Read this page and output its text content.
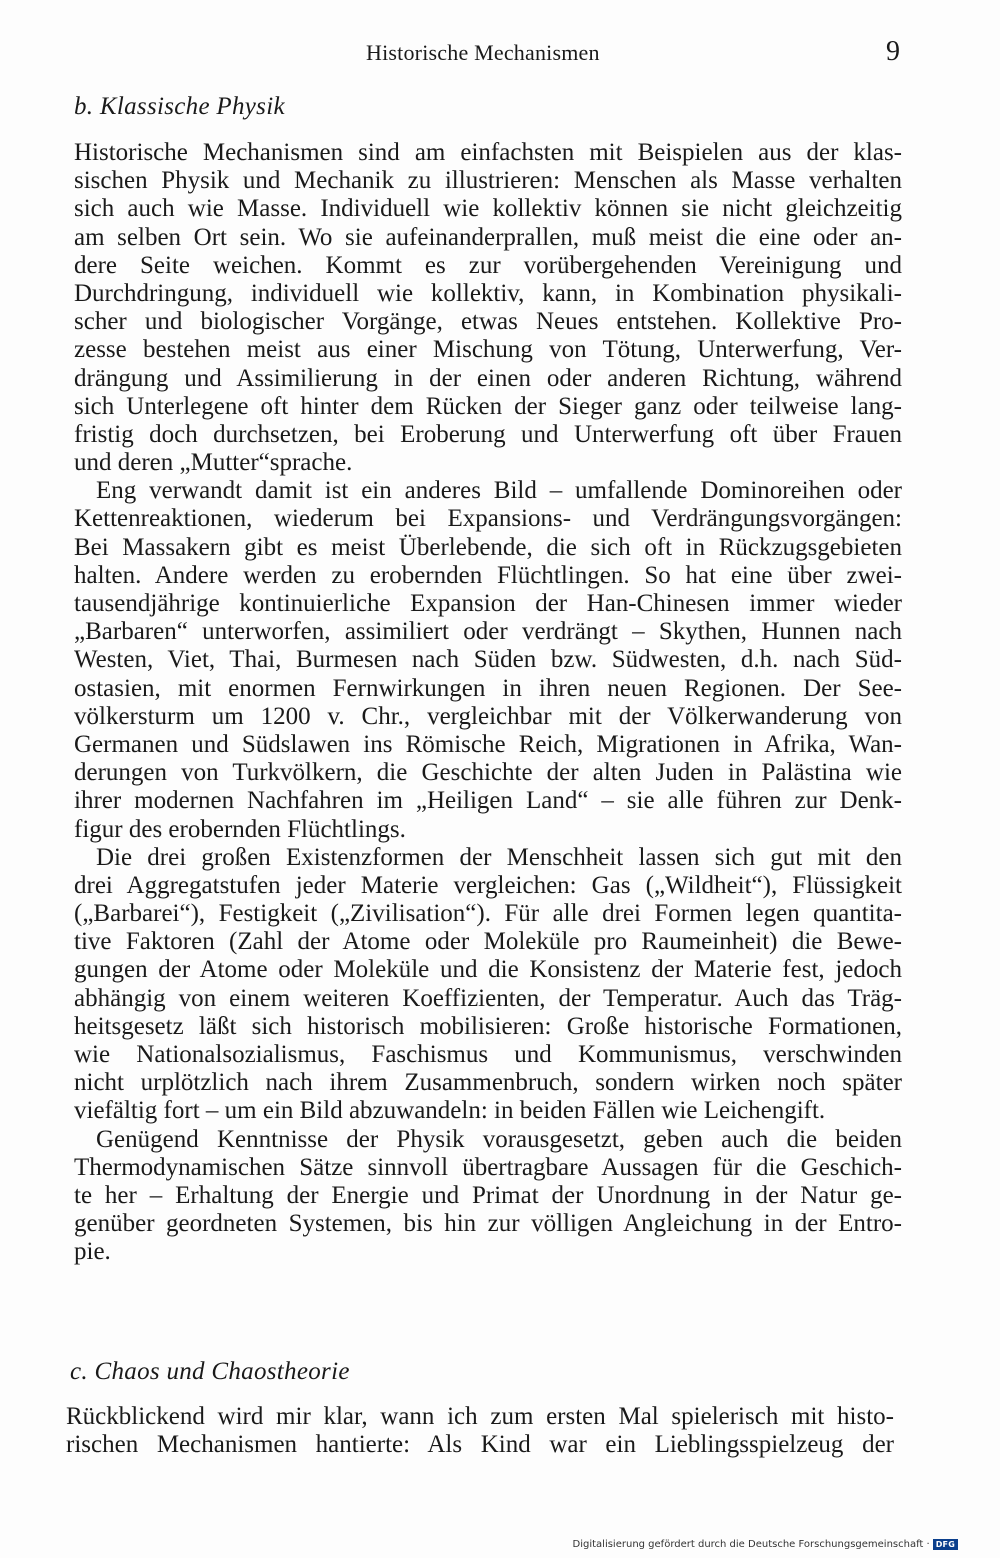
Historische Mechanismen	9
b. Klassische Physik
Historische Mechanismen sind am einfachsten mit Beispielen aus der klas-
sischen Physik und Mechanik zu illustrieren: Menschen als Masse verhalten
sich auch wie Masse. Individuell wie kollektiv können sie nicht gleichzeitig
am selben Ort sein. Wo sie aufeinanderprallen, muß meist die eine oder an-
dere Seite weichen. Kommt es zur vorübergehenden Vereinigung und
Durchdringung, individuell wie kollektiv, kann, in Kombination physikali-
scher und biologischer Vorgänge, etwas Neues entstehen. Kollektive Pro-
zesse bestehen meist aus einer Mischung von Tötung, Unterwerfung, Ver-
drängung und Assimilierung in der einen oder anderen Richtung, während
sich Unterlegene oft hinter dem Rücken der Sieger ganz oder teilweise lang-
fristig doch durchsetzen, bei Eroberung und Unterwerfung oft über Frauen
und deren „Mutter“sprache.
Eng verwandt damit ist ein anderes Bild – umfallende Dominoreihen oder
Kettenreaktionen, wiederum bei Expansions- und Verdrängungsvorgängen:
Bei Massakern gibt es meist Überlebende, die sich oft in Rückzugsgebieten
halten. Andere werden zu erobernden Flüchtlingen. So hat eine über zwei-
tausendjährige kontinuierliche Expansion der Han-Chinesen immer wieder
„Barbaren“ unterworfen, assimiliert oder verdrängt – Skythen, Hunnen nach
Westen, Viet, Thai, Burmesen nach Süden bzw. Südwesten, d.h. nach Süd-
ostasien, mit enormen Fernwirkungen in ihren neuen Regionen. Der See-
völkersturm um 1200 v. Chr., vergleichbar mit der Völkerwanderung von
Germanen und Südslawen ins Römische Reich, Migrationen in Afrika, Wan-
derungen von Turkvölkern, die Geschichte der alten Juden in Palästina wie
ihrer modernen Nachfahren im „Heiligen Land“ – sie alle führen zur Denk-
figur des erobernden Flüchtlings.
Die drei großen Existenzformen der Menschheit lassen sich gut mit den
drei Aggregatstufen jeder Materie vergleichen: Gas („Wildheit“), Flüssigkeit
(„Barbarei“), Festigkeit („Zivilisation“). Für alle drei Formen legen quantita-
tive Faktoren (Zahl der Atome oder Moleküle pro Raumeinheit) die Bewe-
gungen der Atome oder Moleküle und die Konsistenz der Materie fest, jedoch
abhängig von einem weiteren Koeffizienten, der Temperatur. Auch das Träg-
heitsgesetz läßt sich historisch mobilisieren: Große historische Formationen,
wie Nationalsozialismus, Faschismus und Kommunismus, verschwinden
nicht urplötzlich nach ihrem Zusammenbruch, sondern wirken noch später
viefältig fort – um ein Bild abzuwandeln: in beiden Fällen wie Leichengift.
Genügend Kenntnisse der Physik vorausgesetzt, geben auch die beiden
Thermodynamischen Sätze sinnvoll übertragbare Aussagen für die Geschich-
te her – Erhaltung der Energie und Primat der Unordnung in der Natur ge-
genüber geordneten Systemen, bis hin zur völligen Angleichung in der Entro-
pie.
c. Chaos und Chaostheorie
Rückblickend wird mir klar, wann ich zum ersten Mal spielerisch mit histo-
rischen Mechanismen hantierte: Als Kind war ein Lieblingsspielzeug der
Digitalisierung gefördert durch die Deutsche Forschungsgemeinschaft · DFG
